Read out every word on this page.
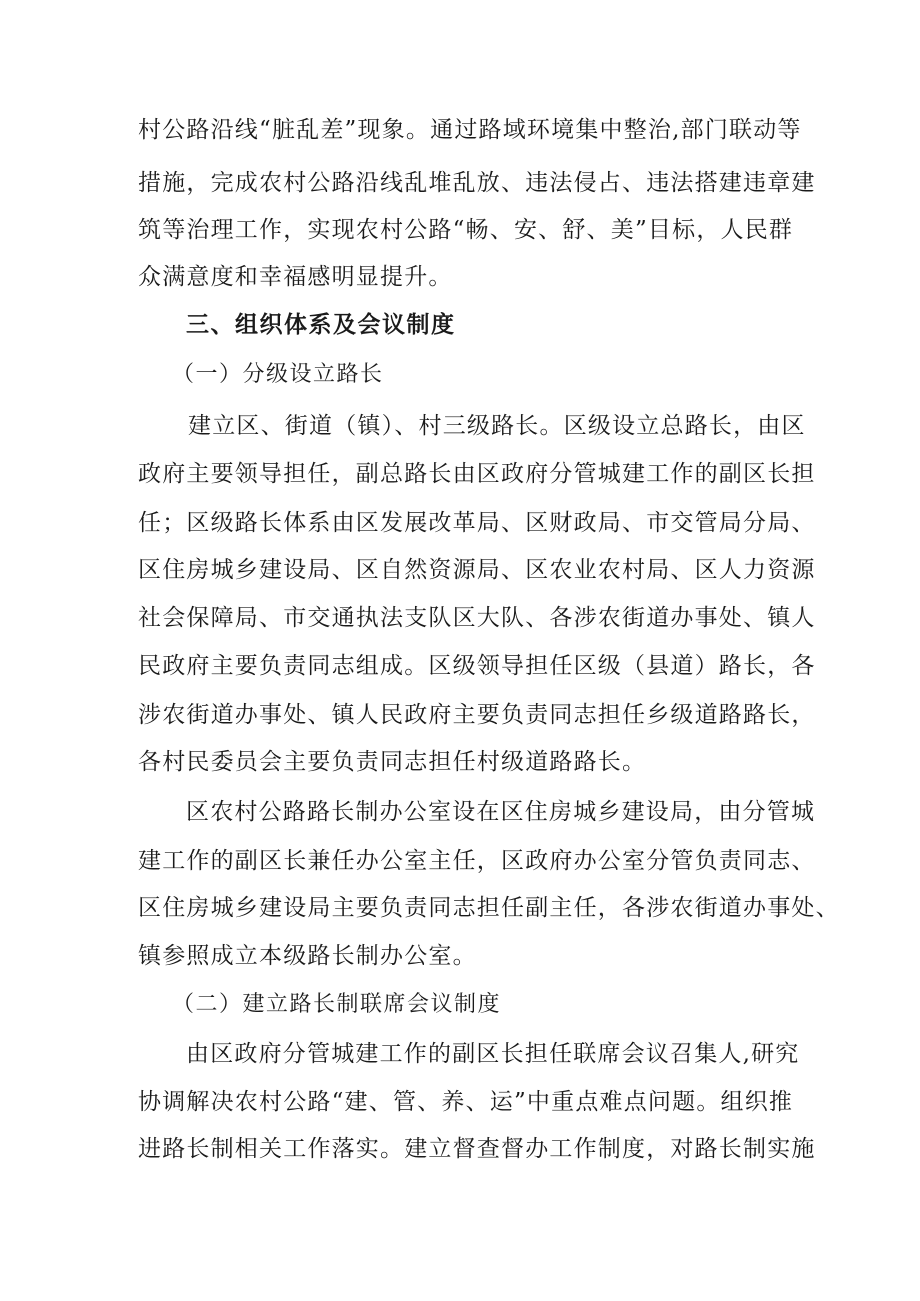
村公路沿线“脏乱差”现象。通过路域环境集中整治,部门联动等
措施，完成农村公路沿线乱堆乱放、违法侵占、违法搭建违章建
筑等治理工作，实现农村公路“畅、安、舒、美”目标，人民群
众满意度和幸福感明显提升。
三、组织体系及会议制度
（一）分级设立路长
建立区、街道（镇）、村三级路长。区级设立总路长，由区
政府主要领导担任，副总路长由区政府分管城建工作的副区长担
任；区级路长体系由区发展改革局、区财政局、市交管局分局、
区住房城乡建设局、区自然资源局、区农业农村局、区人力资源
社会保障局、市交通执法支队区大队、各涉农街道办事处、镇人
民政府主要负责同志组成。区级领导担任区级（县道）路长，各
涉农街道办事处、镇人民政府主要负责同志担任乡级道路路长，
各村民委员会主要负责同志担任村级道路路长。
区农村公路路长制办公室设在区住房城乡建设局，由分管城
建工作的副区长兼任办公室主任，区政府办公室分管负责同志、
区住房城乡建设局主要负责同志担任副主任，各涉农街道办事处、
镇参照成立本级路长制办公室。
（二）建立路长制联席会议制度
由区政府分管城建工作的副区长担任联席会议召集人,研究
协调解决农村公路“建、管、养、运”中重点难点问题。组织推
进路长制相关工作落实。建立督查督办工作制度，对路长制实施
